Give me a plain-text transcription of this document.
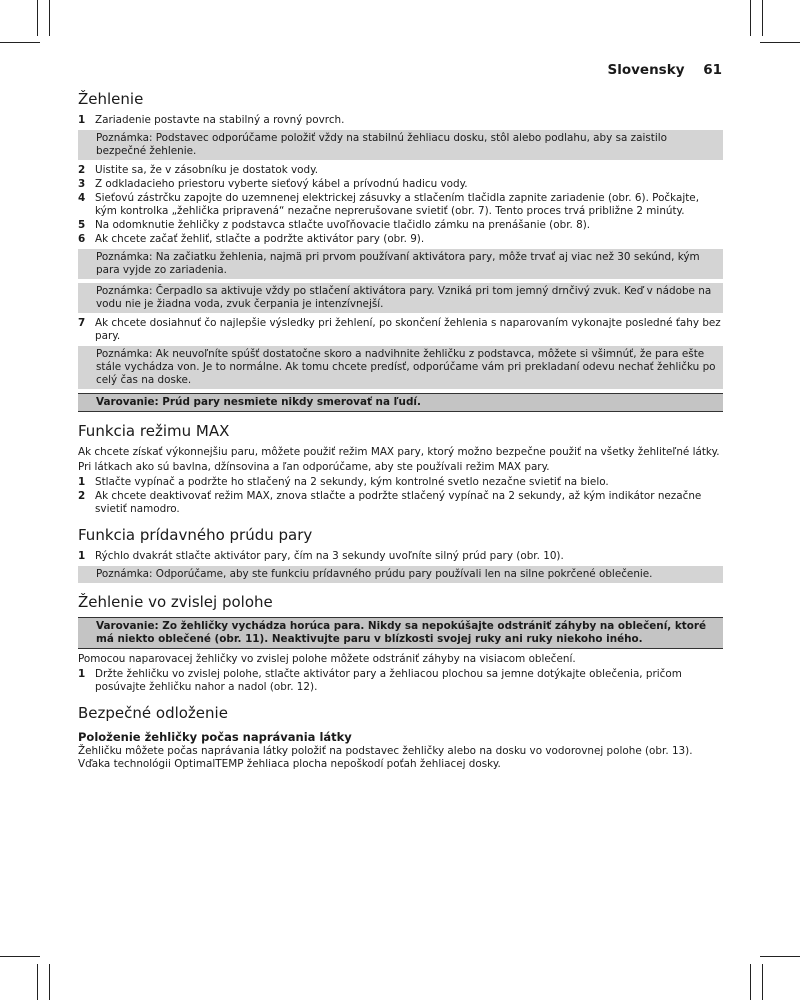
Slovensky 61
Žehlenie
1 Zariadenie postavte na stabilný a rovný povrch.
Poznámka: Podstavec odporúčame položiť vždy na stabilnú žehliacu dosku, stôl alebo podlahu, aby sa zaistilo bezpečné žehlenie.
2 Uistite sa, že v zásobníku je dostatok vody.
3 Z odkladacieho priestoru vyberte sieťový kábel a prívodnú hadicu vody.
4 Sieťovú zástrčku zapojte do uzemnenej elektrickej zásuvky a stlačením tlačidla zapnite zariadenie (obr. 6). Počkajte, kým kontrolka „žehlička pripravená“ nezačne neprerušovane svietiť (obr. 7). Tento proces trvá približne 2 minúty.
5 Na odomknutie žehličky z podstavca stlačte uvoľňovacie tlačidlo zámku na prenášanie (obr. 8).
6 Ak chcete začať žehliť, stlačte a podržte aktivátor pary (obr. 9).
Poznámka: Na začiatku žehlenia, najmä pri prvom používaní aktivátora pary, môže trvať aj viac než 30 sekúnd, kým para vyjde zo zariadenia.
Poznámka: Čerpadlo sa aktivuje vždy po stlačení aktivátora pary. Vzniká pri tom jemný drnčivý zvuk. Keď v nádobe na vodu nie je žiadna voda, zvuk čerpania je intenzívnejší.
7 Ak chcete dosiahnuť čo najlepšie výsledky pri žehlení, po skončení žehlenia s naparovaním vykonajte posledné ťahy bez pary.
Poznámka: Ak neuvoľníte spúšť dostatočne skoro a nadvihnite žehličku z podstavca, môžete si všimnúť, že para ešte stále vychádza von. Je to normálne. Ak tomu chcete predísť, odporúčame vám pri prekladaní odevu nechať žehličku po celý čas na doske.
Varovanie: Prúd pary nesmiete nikdy smerovať na ľudí.
Funkcia režimu MAX
Ak chcete získať výkonnejšiu paru, môžete použiť režim MAX pary, ktorý možno bezpečne použiť na všetky žehliteľné látky.
Pri látkach ako sú bavlna, džínsovina a ľan odporúčame, aby ste používali režim MAX pary.
1 Stlačte vypínač a podržte ho stlačený na 2 sekundy, kým kontrolné svetlo nezačne svietiť na bielo.
2 Ak chcete deaktivovať režim MAX, znova stlačte a podržte stlačený vypínač na 2 sekundy, až kým indikátor nezačne svietiť namodro.
Funkcia prídavného prúdu pary
1 Rýchlo dvakrát stlačte aktivátor pary, čím na 3 sekundy uvoľníte silný prúd pary (obr. 10).
Poznámka: Odporúčame, aby ste funkciu prídavného prúdu pary používali len na silne pokrčené oblečenie.
Žehlenie vo zvislej polohe
Varovanie: Zo žehličky vychádza horúca para. Nikdy sa nepokúšajte odstrániť záhyby na oblečení, ktoré má niekto oblečené (obr. 11). Neaktivujte paru v blízkosti svojej ruky ani ruky niekoho iného.
Pomocou naparovacej žehličky vo zvislej polohe môžete odstrániť záhyby na visiacom oblečení.
1 Držte žehličku vo zvislej polohe, stlačte aktivátor pary a žehliacou plochou sa jemne dotýkajte oblečenia, pričom posúvajte žehličku nahor a nadol (obr. 12).
Bezpečné odloženie
Položenie žehličky počas naprávania látky
Žehličku môžete počas naprávania látky položiť na podstavec žehličky alebo na dosku vo vodorovnej polohe (obr. 13). Vďaka technológii OptimalTEMP žehliaca plocha nepoškodí poťah žehliacej dosky.
